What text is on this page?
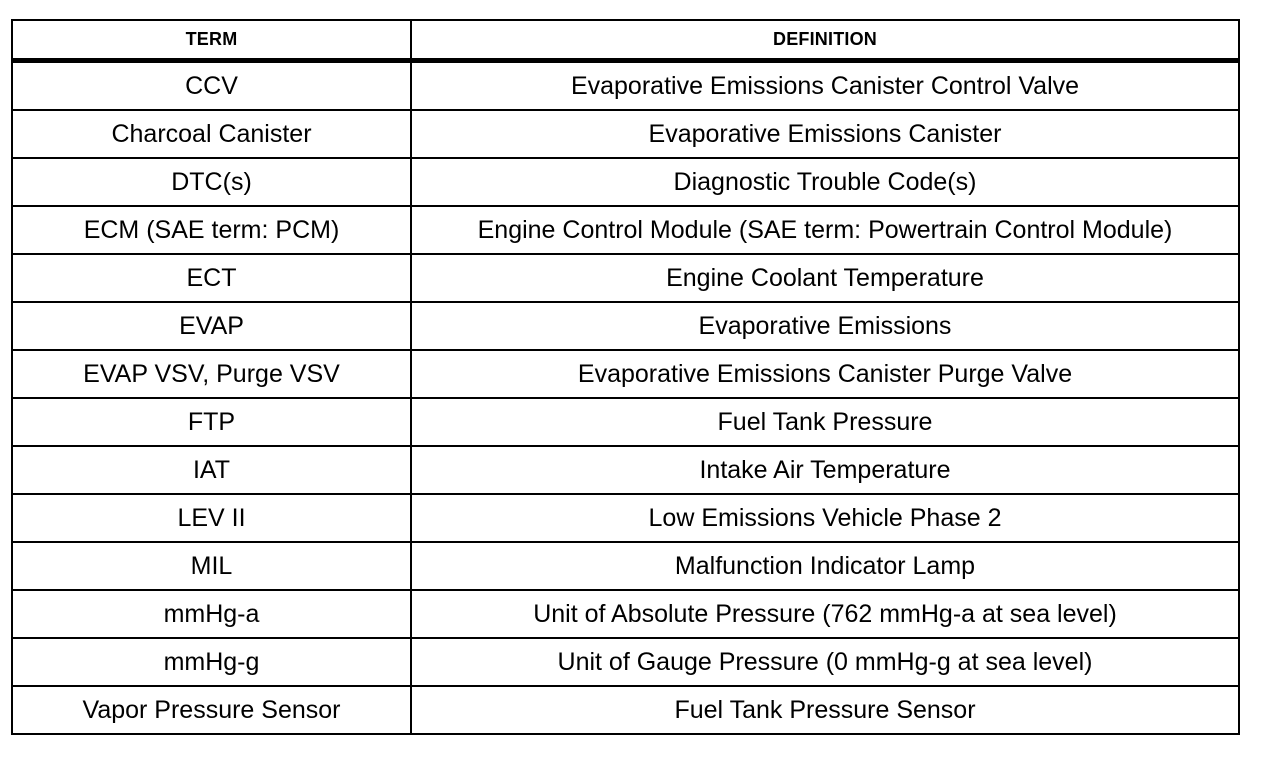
TERM	DEFINITION
CCV	Evaporative Emissions Canister Control Valve
Charcoal Canister	Evaporative Emissions Canister
DTC(s)	Diagnostic Trouble Code(s)
ECM (SAE term: PCM)	Engine Control Module (SAE term: Powertrain Control Module)
ECT	Engine Coolant Temperature
EVAP	Evaporative Emissions
EVAP VSV, Purge VSV	Evaporative Emissions Canister Purge Valve
FTP	Fuel Tank Pressure
IAT	Intake Air Temperature
LEV II	Low Emissions Vehicle Phase 2
MIL	Malfunction Indicator Lamp
mmHg-a	Unit of Absolute Pressure (762 mmHg-a at sea level)
mmHg-g	Unit of Gauge Pressure (0 mmHg-g at sea level)
Vapor Pressure Sensor	Fuel Tank Pressure Sensor
